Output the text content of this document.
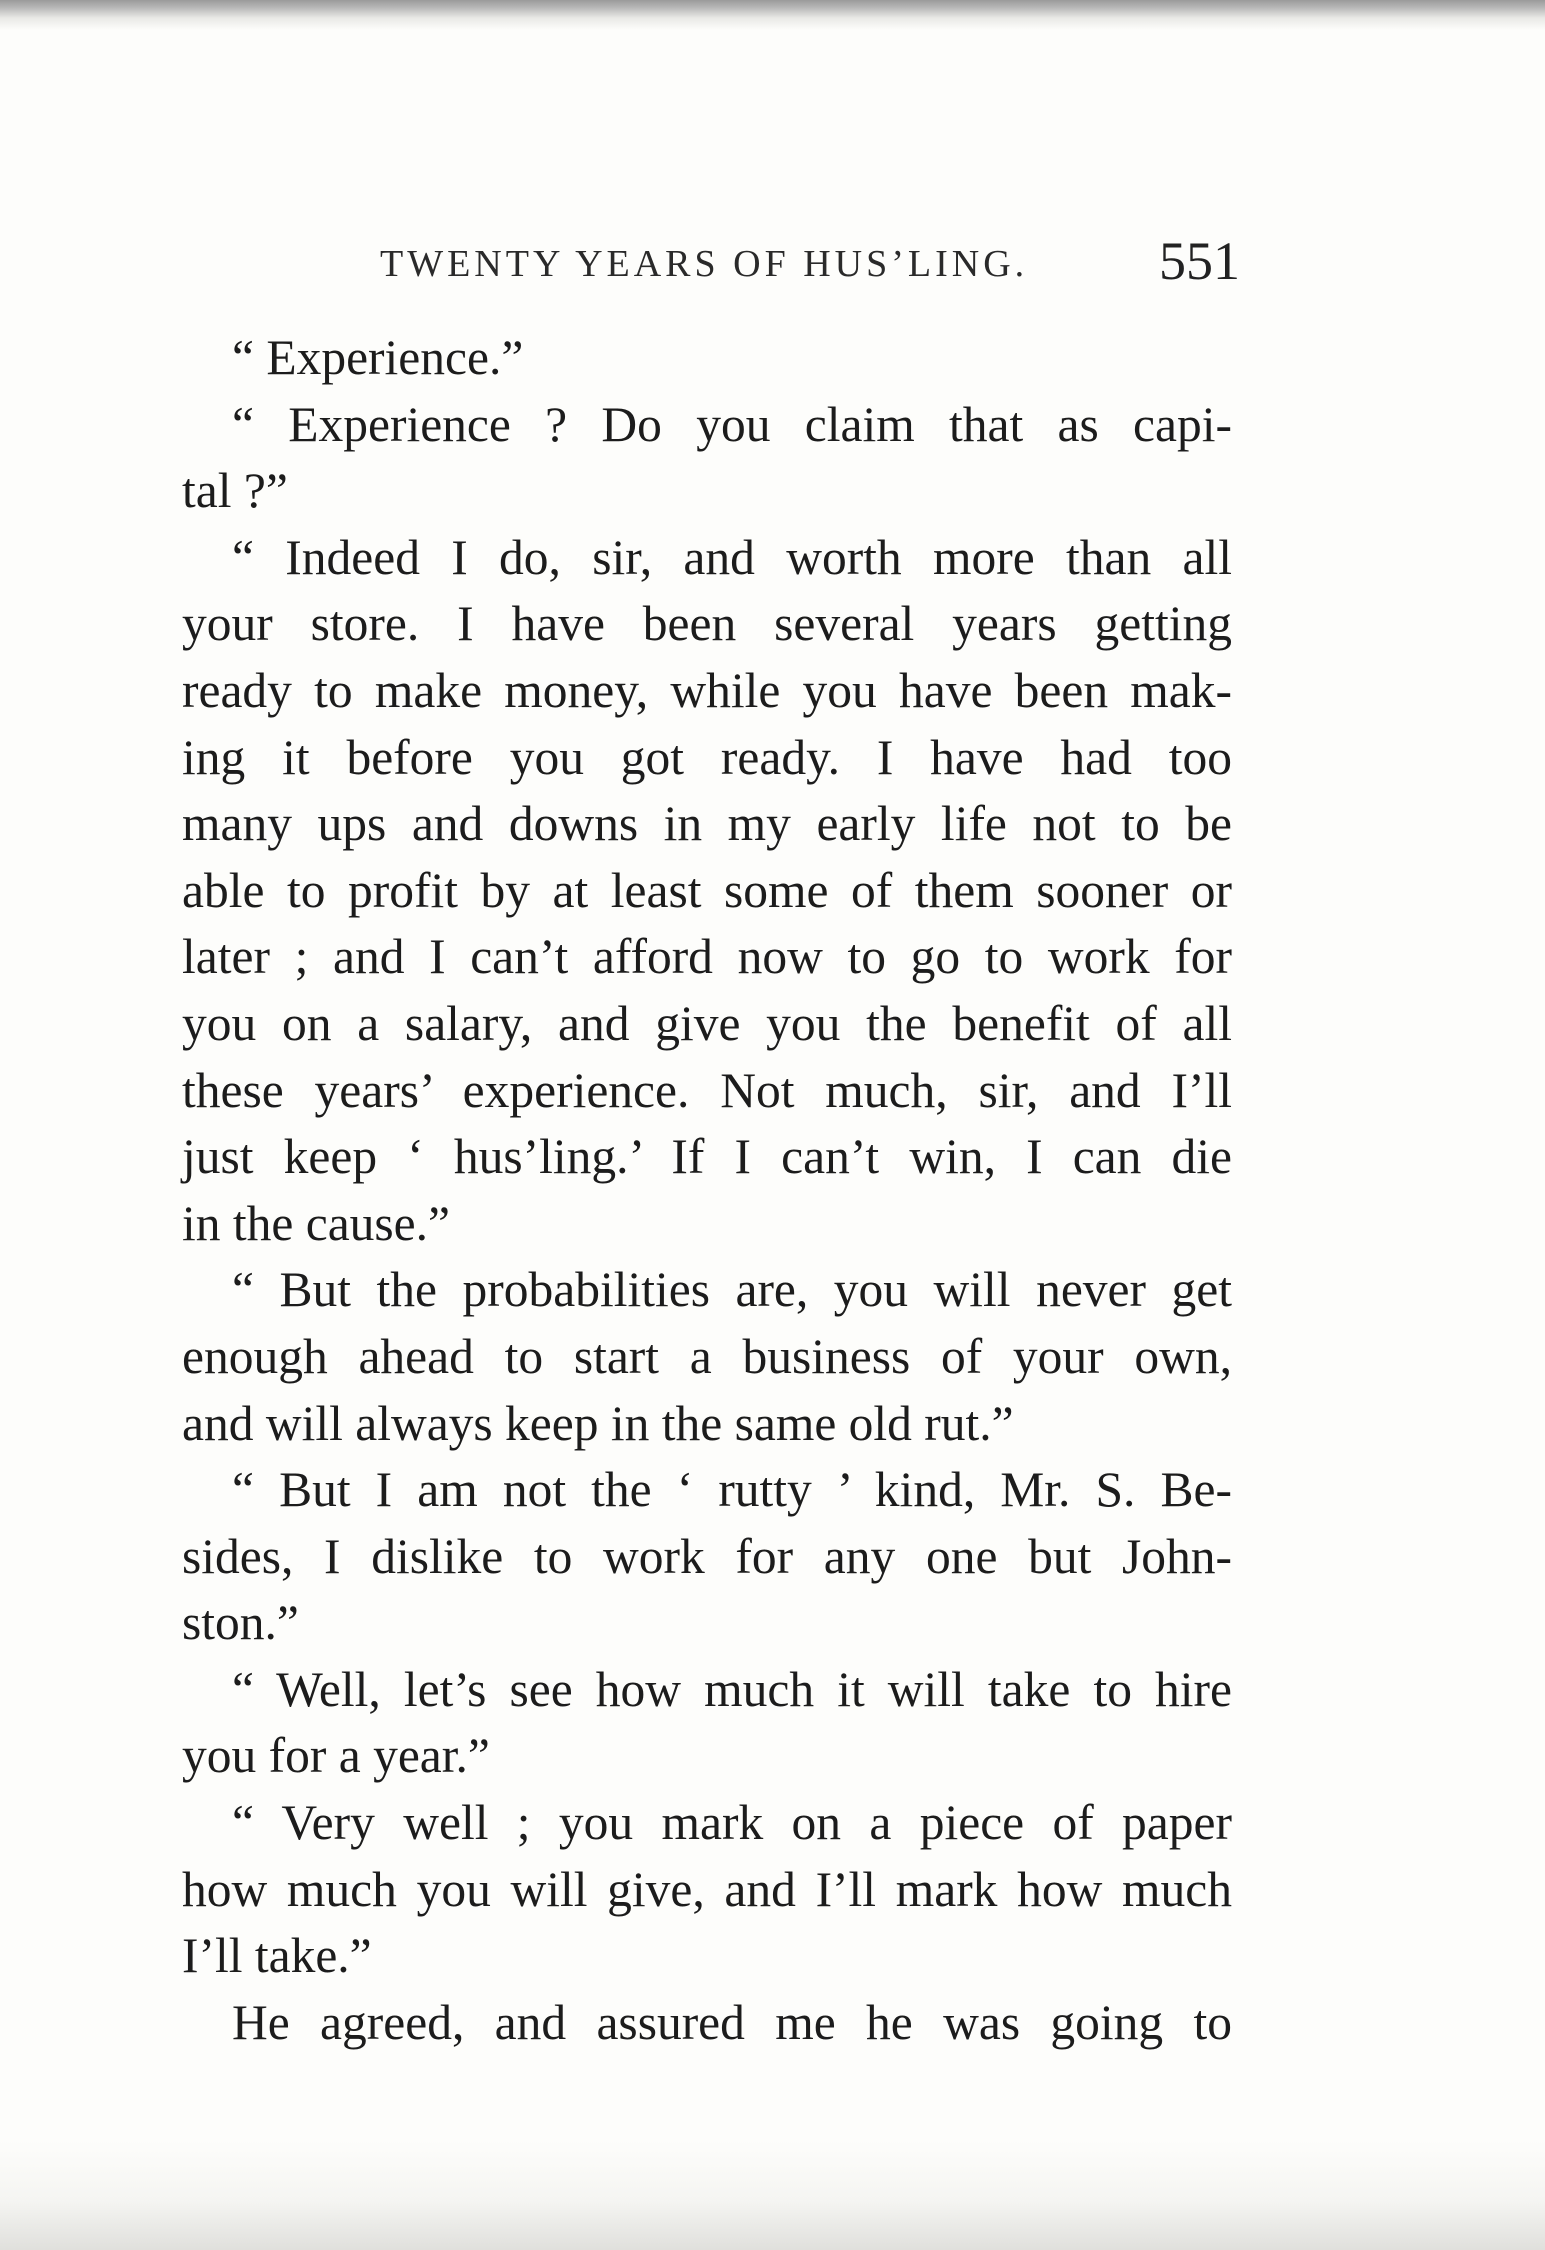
TWENTY YEARS OF HUS’LING. 551
“ Experience.”
“ Experience ? Do you claim that as capi-
tal ?”
“ Indeed I do, sir, and worth more than all
your store. I have been several years getting
ready to make money, while you have been mak-
ing it before you got ready. I have had too
many ups and downs in my early life not to be
able to profit by at least some of them sooner or
later ; and I can’t afford now to go to work for
you on a salary, and give you the benefit of all
these years’ experience. Not much, sir, and I’ll
just keep ‘ hus’ling.’ If I can’t win, I can die
in the cause.”
“ But the probabilities are, you will never get
enough ahead to start a business of your own,
and will always keep in the same old rut.”
“ But I am not the ‘ rutty ’ kind, Mr. S. Be-
sides, I dislike to work for any one but John-
ston.”
“ Well, let’s see how much it will take to hire
you for a year.”
“ Very well ; you mark on a piece of paper
how much you will give, and I’ll mark how much
I’ll take.”
He agreed, and assured me he was going to
